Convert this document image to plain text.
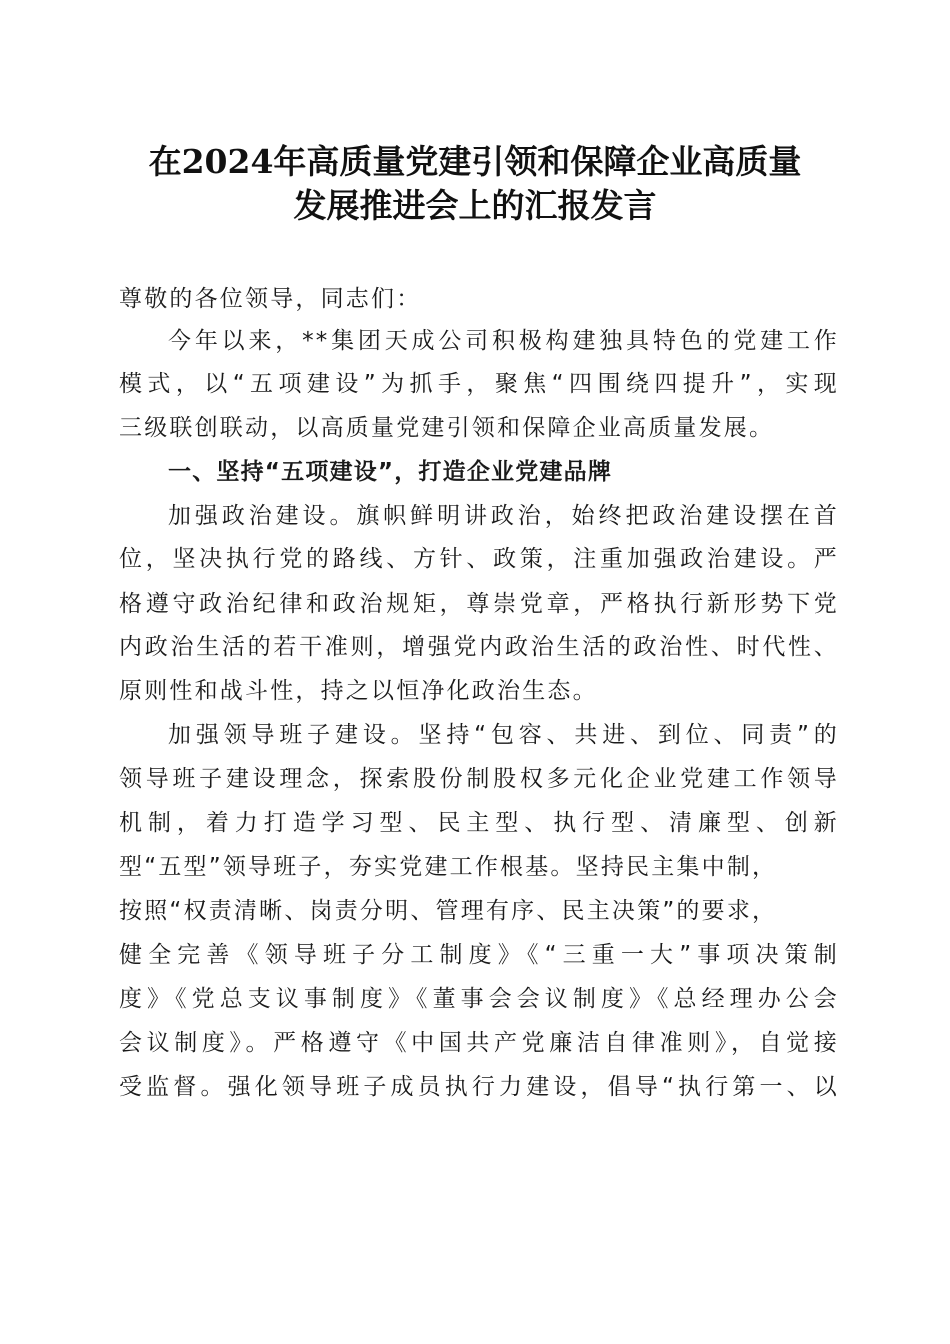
在2024年高质量党建引领和保障企业高质量
发展推进会上的汇报发言

尊敬的各位领导，同志们：

今年以来，**集团天成公司积极构建独具特色的党建工作

模式，以“五项建设”为抓手，聚焦“四围绕四提升”，实现

三级联创联动，以高质量党建引领和保障企业高质量发展。

一、坚持“五项建设”，打造企业党建品牌

加强政治建设。旗帜鲜明讲政治，始终把政治建设摆在首

位，坚决执行党的路线、方针、政策，注重加强政治建设。严

格遵守政治纪律和政治规矩，尊崇党章，严格执行新形势下党

内政治生活的若干准则，增强党内政治生活的政治性、时代性、

原则性和战斗性，持之以恒净化政治生态。

加强领导班子建设。坚持“包容、共进、到位、同责”的

领导班子建设理念，探索股份制股权多元化企业党建工作领导

机制，着力打造学习型、民主型、执行型、清廉型、创新

型“五型”领导班子，夯实党建工作根基。坚持民主集中制，

按照“权责清晰、岗责分明、管理有序、民主决策”的要求，

健全完善《领导班子分工制度》《“三重一大”事项决策制

度》《党总支议事制度》《董事会会议制度》《总经理办公会

会议制度》。严格遵守《中国共产党廉洁自律准则》，自觉接

受监督。强化领导班子成员执行力建设，倡导“执行第一、以
